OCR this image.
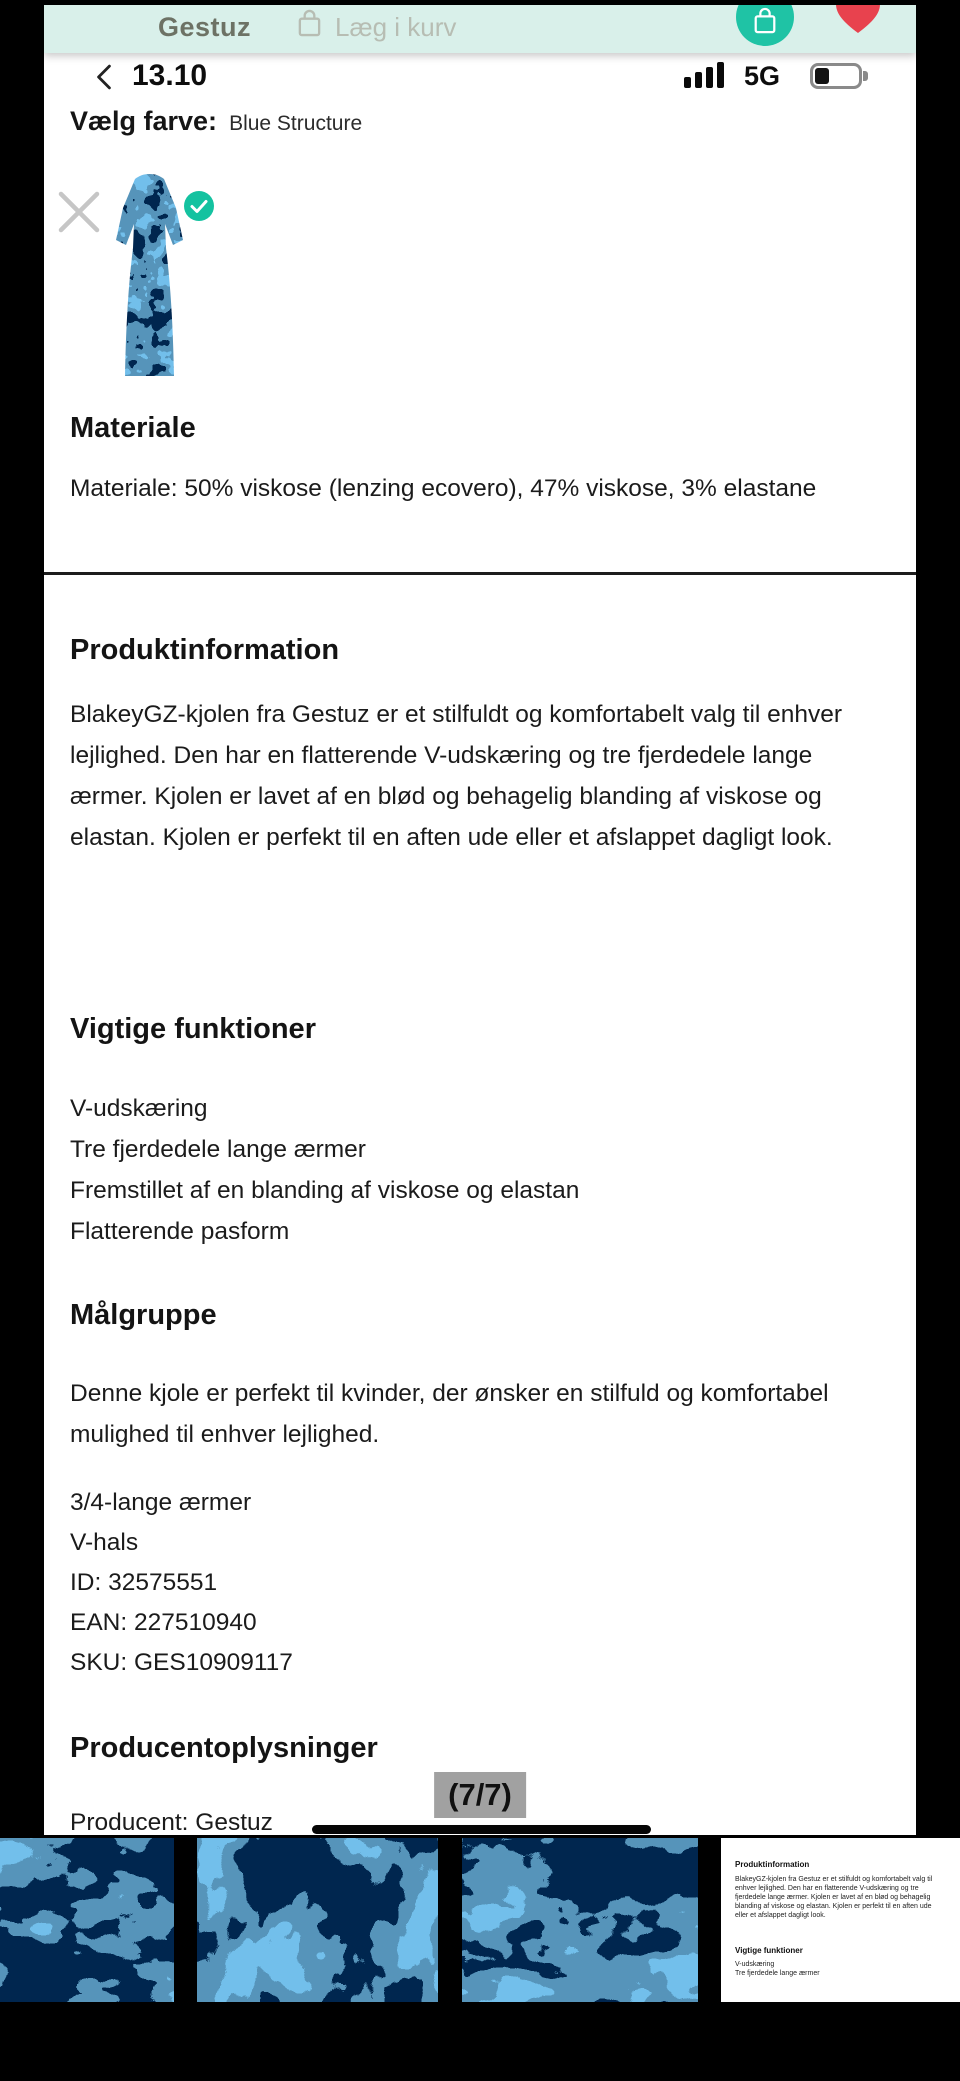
Gestuz	Læg i kurv
13.10	5G
Vælg farve: Blue Structure
Materiale

Materiale: 50% viskose (lenzing ecovero), 47% viskose, 3% elastane

Produktinformation

BlakeyGZ-kjolen fra Gestuz er et stilfuldt og komfortabelt valg til enhver lejlighed. Den har en flatterende V-udskæring og tre fjerdedele lange ærmer. Kjolen er lavet af en blød og behagelig blanding af viskose og elastan. Kjolen er perfekt til en aften ude eller et afslappet dagligt look.

Vigtige funktioner
V-udskæring
Tre fjerdedele lange ærmer
Fremstillet af en blanding af viskose og elastan
Flatterende pasform
Målgruppe

Denne kjole er perfekt til kvinder, der ønsker en stilfuld og komfortabel mulighed til enhver lejlighed.

3/4-lange ærmer
V-hals
ID: 32575551
EAN: 227510940
SKU: GES10909117
Producentoplysninger

Producent: Gestuz

(7/7)
Produktinformation

BlakeyGZ-kjolen fra Gestuz er et stilfuldt og komfortabelt valg til enhver lejlighed. Den har en flatterende V-udskæring og tre fjerdedele lange ærmer. Kjolen er lavet af en blød og behagelig blanding af viskose og elastan. Kjolen er perfekt til en aften ude eller et afslappet dagligt look.

Vigtige funktioner
V-udskæring
Tre fjerdedele lange ærmer
